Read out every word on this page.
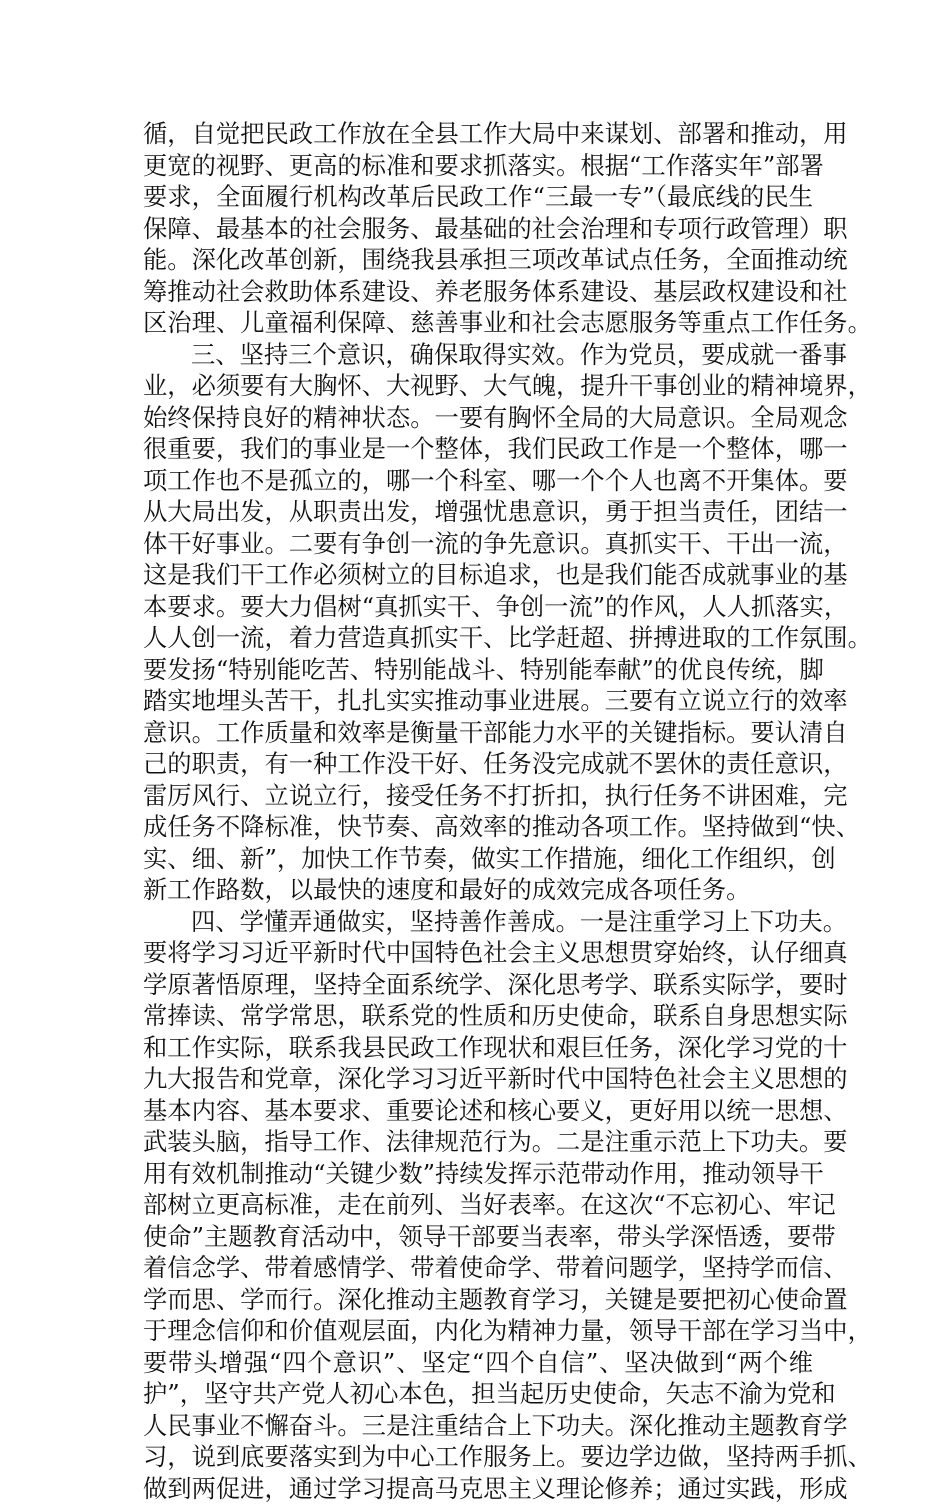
循，自觉把民政工作放在全县工作大局中来谋划、部署和推动，用
更宽的视野、更高的标准和要求抓落实。根据“工作落实年”部署
要求，全面履行机构改革后民政工作“三最一专”（最底线的民生
保障、最基本的社会服务、最基础的社会治理和专项行政管理）职
能。深化改革创新，围绕我县承担三项改革试点任务，全面推动统
筹推动社会救助体系建设、养老服务体系建设、基层政权建设和社
区治理、儿童福利保障、慈善事业和社会志愿服务等重点工作任务。
三、坚持三个意识，确保取得实效。作为党员，要成就一番事
业，必须要有大胸怀、大视野、大气魄，提升干事创业的精神境界，
始终保持良好的精神状态。一要有胸怀全局的大局意识。全局观念
很重要，我们的事业是一个整体，我们民政工作是一个整体，哪一
项工作也不是孤立的，哪一个科室、哪一个个人也离不开集体。要
从大局出发，从职责出发，增强忧患意识，勇于担当责任，团结一
体干好事业。二要有争创一流的争先意识。真抓实干、干出一流，
这是我们干工作必须树立的目标追求，也是我们能否成就事业的基
本要求。要大力倡树“真抓实干、争创一流”的作风，人人抓落实，
人人创一流，着力营造真抓实干、比学赶超、拼搏进取的工作氛围。
要发扬“特别能吃苦、特别能战斗、特别能奉献”的优良传统，脚
踏实地埋头苦干，扎扎实实推动事业进展。三要有立说立行的效率
意识。工作质量和效率是衡量干部能力水平的关键指标。要认清自
己的职责，有一种工作没干好、任务没完成就不罢休的责任意识，
雷厉风行、立说立行，接受任务不打折扣，执行任务不讲困难，完
成任务不降标准，快节奏、高效率的推动各项工作。坚持做到“快、
实、细、新”，加快工作节奏，做实工作措施，细化工作组织，创
新工作路数，以最快的速度和最好的成效完成各项任务。
四、学懂弄通做实，坚持善作善成。一是注重学习上下功夫。
要将学习习近平新时代中国特色社会主义思想贯穿始终，认仔细真
学原著悟原理，坚持全面系统学、深化思考学、联系实际学，要时
常捧读、常学常思，联系党的性质和历史使命，联系自身思想实际
和工作实际，联系我县民政工作现状和艰巨任务，深化学习党的十
九大报告和党章，深化学习习近平新时代中国特色社会主义思想的
基本内容、基本要求、重要论述和核心要义，更好用以统一思想、
武装头脑，指导工作、法律规范行为。二是注重示范上下功夫。要
用有效机制推动“关键少数”持续发挥示范带动作用，推动领导干
部树立更高标准，走在前列、当好表率。在这次“不忘初心、牢记
使命”主题教育活动中，领导干部要当表率，带头学深悟透，要带
着信念学、带着感情学、带着使命学、带着问题学，坚持学而信、
学而思、学而行。深化推动主题教育学习，关键是要把初心使命置
于理念信仰和价值观层面，内化为精神力量，领导干部在学习当中，
要带头增强“四个意识”、坚定“四个自信”、坚决做到“两个维
护”，坚守共产党人初心本色，担当起历史使命，矢志不渝为党和
人民事业不懈奋斗。三是注重结合上下功夫。深化推动主题教育学
习，说到底要落实到为中心工作服务上。要边学边做，坚持两手抓、
做到两促进，通过学习提高马克思主义理论修养；通过实践，形成
